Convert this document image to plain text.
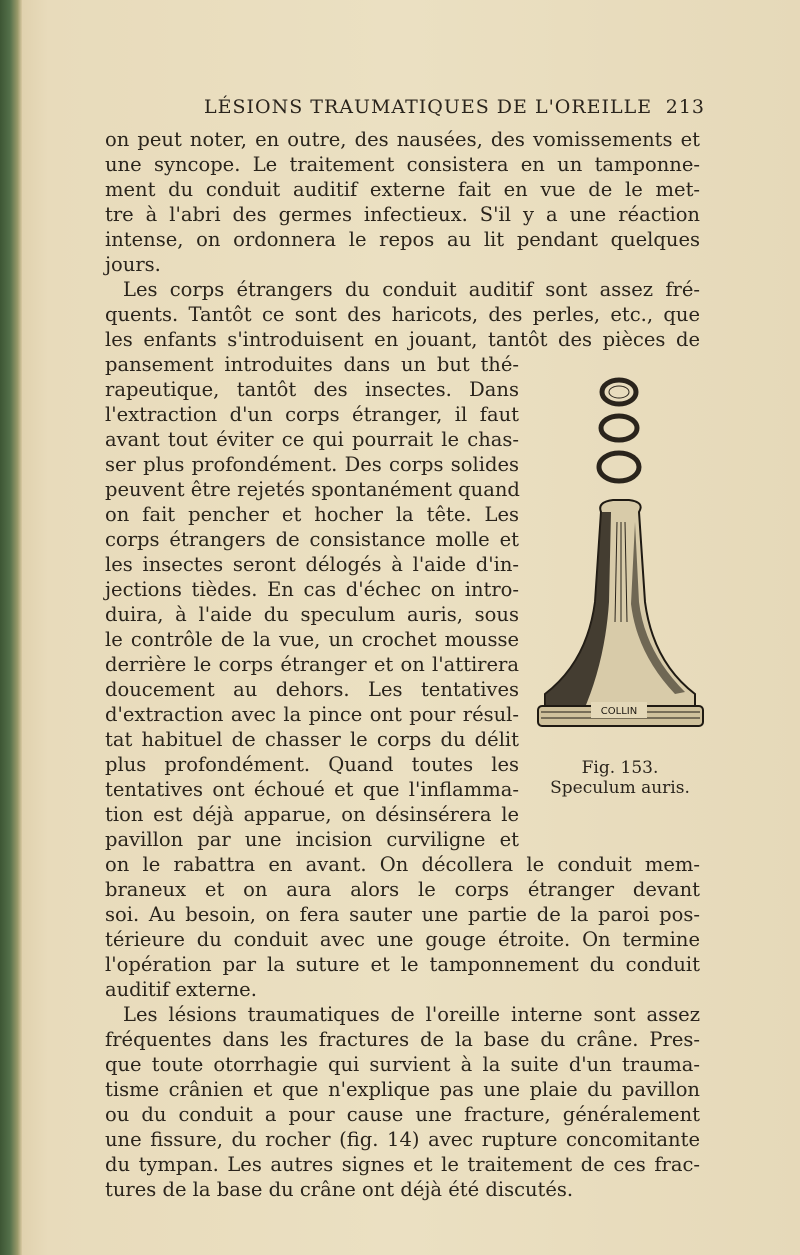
LÉSIONS TRAUMATIQUES DE L'OREILLE 213
on peut noter, en outre, des nausées, des vomissements et
une syncope. Le traitement consistera en un tamponne-
ment du conduit auditif externe fait en vue de le met-
tre à l'abri des germes infectieux. S'il y a une réaction
intense, on ordonnera le repos au lit pendant quelques
jours.
Les corps étrangers du conduit auditif sont assez fré-
quents. Tantôt ce sont des haricots, des perles, etc., que
les enfants s'introduisent en jouant, tantôt des pièces de
pansement introduites dans un but thé-
rapeutique, tantôt des insectes. Dans
l'extraction d'un corps étranger, il faut
avant tout éviter ce qui pourrait le chas-
ser plus profondément. Des corps solides
peuvent être rejetés spontanément quand
on fait pencher et hocher la tête. Les
corps étrangers de consistance molle et
les insectes seront délogés à l'aide d'in-
jections tièdes. En cas d'échec on intro-
duira, à l'aide du speculum auris, sous
le contrôle de la vue, un crochet mousse
derrière le corps étranger et on l'attirera
doucement au dehors. Les tentatives
d'extraction avec la pince ont pour résul-
tat habituel de chasser le corps du délit
plus profondément. Quand toutes les
tentatives ont échoué et que l'inflamma-
tion est déjà apparue, on désinsérera le
pavillon par une incision curviligne et
on le rabattra en avant. On décollera le conduit mem-
braneux et on aura alors le corps étranger devant
soi. Au besoin, on fera sauter une partie de la paroi pos-
térieure du conduit avec une gouge étroite. On termine
l'opération par la suture et le tamponnement du conduit
auditif externe.
Les lésions traumatiques de l'oreille interne sont assez
fréquentes dans les fractures de la base du crâne. Pres-
que toute otorrhagie qui survient à la suite d'un trauma-
tisme crânien et que n'explique pas une plaie du pavillon
ou du conduit a pour cause une fracture, généralement
une fissure, du rocher (fig. 14) avec rupture concomitante
du tympan. Les autres signes et le traitement de ces frac-
tures de la base du crâne ont déjà été discutés.
COLLIN
Fig. 153.
Speculum auris.
